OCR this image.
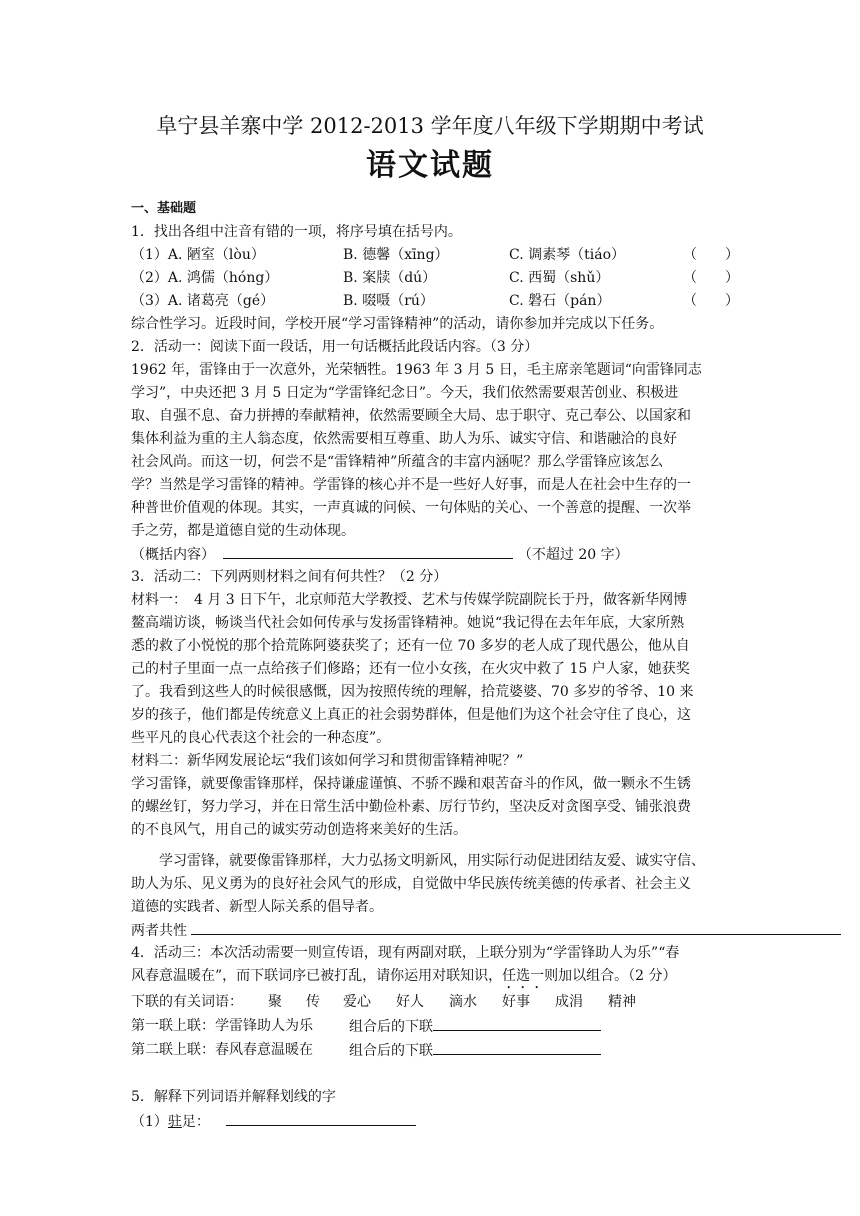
阜宁县羊寨中学 2012-2013 学年度八年级下学期期中考试
语文试题
一、基础题
1．找出各组中注音有错的一项，将序号填在括号内。
（1）A. 陋室（lòu）	B. 德馨（xīng）	C. 调素琴（tiáo）	（　　）
（2）A. 鸿儒（hóng）	B. 案牍（dú）	C. 西蜀（shǔ）	（　　）
（3）A. 诸葛亮（gé）	B. 啜嗫（rú）	C. 磐石（pán）	（　　）
综合性学习。近段时间，学校开展“学习雷锋精神”的活动，请你参加并完成以下任务。
2．活动一：阅读下面一段话，用一句话概括此段话内容。（3 分）
1962 年，雷锋由于一次意外，光荣牺牲。1963 年 3 月 5 日，毛主席亲笔题词“向雷锋同志
学习”，中央还把 3 月 5 日定为“学雷锋纪念日”。今天，我们依然需要艰苦创业、积极进
取、自强不息、奋力拼搏的奉献精神，依然需要顾全大局、忠于职守、克己奉公、以国家和
集体利益为重的主人翁态度，依然需要相互尊重、助人为乐、诚实守信、和谐融洽的良好
社会风尚。而这一切，何尝不是“雷锋精神”所蕴含的丰富内涵呢？那么学雷锋应该怎么
学？当然是学习雷锋的精神。学雷锋的核心并不是一些好人好事，而是人在社会中生存的一
种普世价值观的体现。其实，一声真诚的问候、一句体贴的关心、一个善意的提醒、一次举
手之劳，都是道德自觉的生动体现。
（概括内容）	（不超过 20 字）
3．活动二：下列两则材料之间有何共性？（2 分）
材料一：　4 月 3 日下午，北京师范大学教授、艺术与传媒学院副院长于丹，做客新华网博
鳌高端访谈，畅谈当代社会如何传承与发扬雷锋精神。她说“我记得在去年年底，大家所熟
悉的救了小悦悦的那个拾荒陈阿婆获奖了；还有一位 70 多岁的老人成了现代愚公，他从自
己的村子里面一点一点给孩子们修路；还有一位小女孩，在火灾中救了 15 户人家，她获奖
了。我看到这些人的时候很感慨，因为按照传统的理解，拾荒婆婆、70 多岁的爷爷、10 来
岁的孩子，他们都是传统意义上真正的社会弱势群体，但是他们为这个社会守住了良心，这
些平凡的良心代表这个社会的一种态度”。
材料二：新华网发展论坛“我们该如何学习和贯彻雷锋精神呢？”
学习雷锋，就要像雷锋那样，保持谦虚谨慎、不骄不躁和艰苦奋斗的作风，做一颗永不生锈
的螺丝钉，努力学习，并在日常生活中勤俭朴素、厉行节约，坚决反对贪图享受、铺张浪费
的不良风气，用自己的诚实劳动创造将来美好的生活。
　　学习雷锋，就要像雷锋那样，大力弘扬文明新风，用实际行动促进团结友爱、诚实守信、
助人为乐、见义勇为的良好社会风气的形成，自觉做中华民族传统美德的传承者、社会主义
道德的实践者、新型人际关系的倡导者。
两者共性
4．活动三：本次活动需要一则宣传语，现有两副对联，上联分别为“学雷锋助人为乐”“春
风春意温暖在”，而下联词序已被打乱，请你运用对联知识，任选一则加以组合。（2 分）
下联的有关词语： 聚 传 爱心 好人 滴水 好事 成涓 精神
第一联上联：学雷锋助人为乐	组合后的下联
第二联上联：春风春意温暖在	组合后的下联
5．解释下列词语并解释划线的字
（1）驻足：
